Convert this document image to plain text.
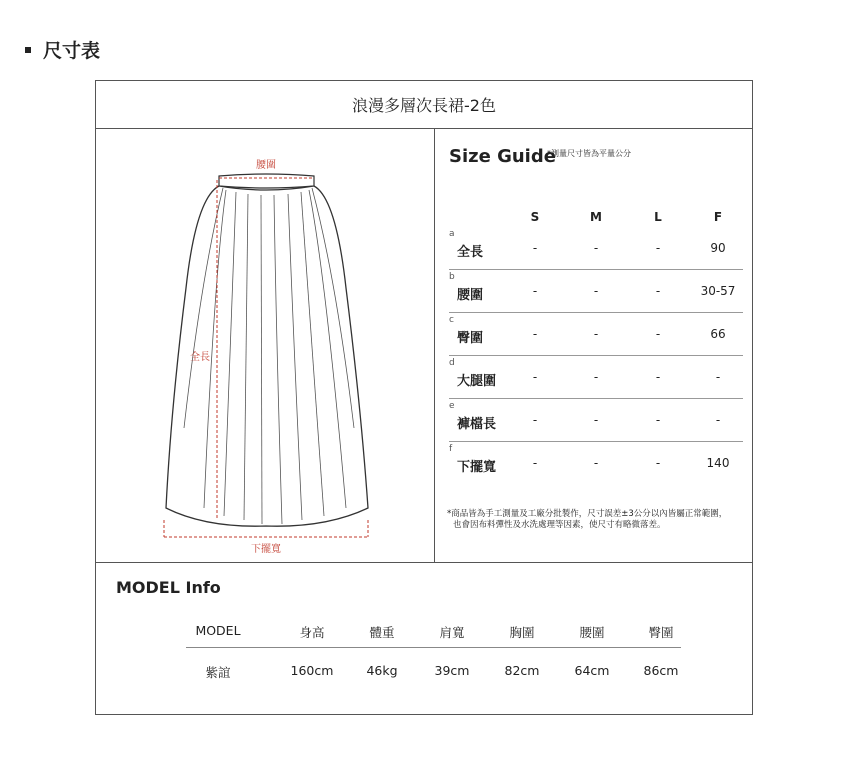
尺寸表
浪漫多層次長裙-2色
腰圍
全長
下擺寬
Size Guide
*測量尺寸皆為平量公分
S	M	L	F
a
全長	-	-	-	90
b
腰圍	-	-	-	30-57
c
臀圍	-	-	-	66
d
大腿圍	-	-	-	-
e
褲檔長	-	-	-	-
f
下擺寬	-	-	-	140
*商品皆為手工測量及工廠分批製作，尺寸誤差±3公分以內皆屬正常範圍，
也會因布料彈性及水洗處理等因素，使尺寸有略微落差。
MODEL Info
MODEL	身高	體重	肩寬	胸圍	腰圍	臀圍
紫誼	160cm	46kg	39cm	82cm	64cm	86cm
